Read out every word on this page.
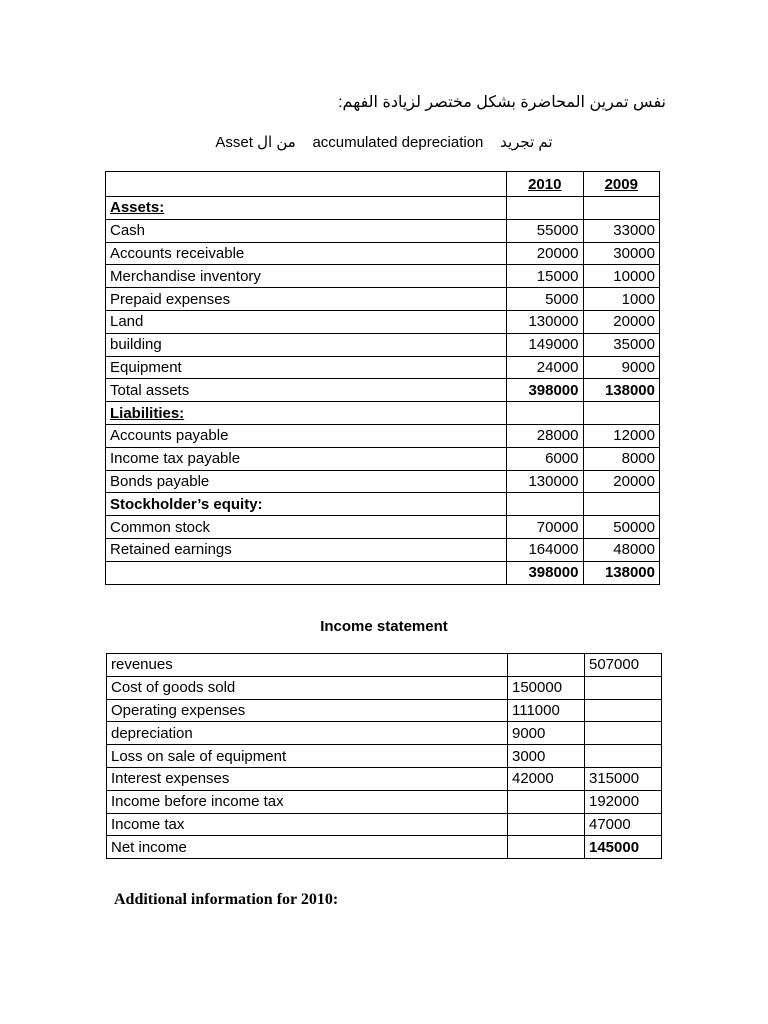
نفس تمرين المحاضرة بشكل مختصر لزيادة الفهم:
Asset من ال accumulated depreciation تم تجريد
	2010	2009
Assets:		
Cash	55000	33000
Accounts receivable	20000	30000
Merchandise inventory	15000	10000
Prepaid expenses	5000	1000
Land	130000	20000
building	149000	35000
Equipment	24000	9000
Total assets	398000	138000
Liabilities:		
Accounts payable	28000	12000
Income tax payable	6000	8000
Bonds payable	130000	20000
Stockholder’s equity:		
Common stock	70000	50000
Retained earnings	164000	48000
	398000	138000
Income statement
revenues		507000
Cost of goods sold	150000	
Operating expenses	111000	
depreciation	9000	
Loss on sale of equipment	3000	
Interest expenses	42000	315000
Income before income tax		192000
Income tax		47000
Net income		145000
Additional information for 2010:
